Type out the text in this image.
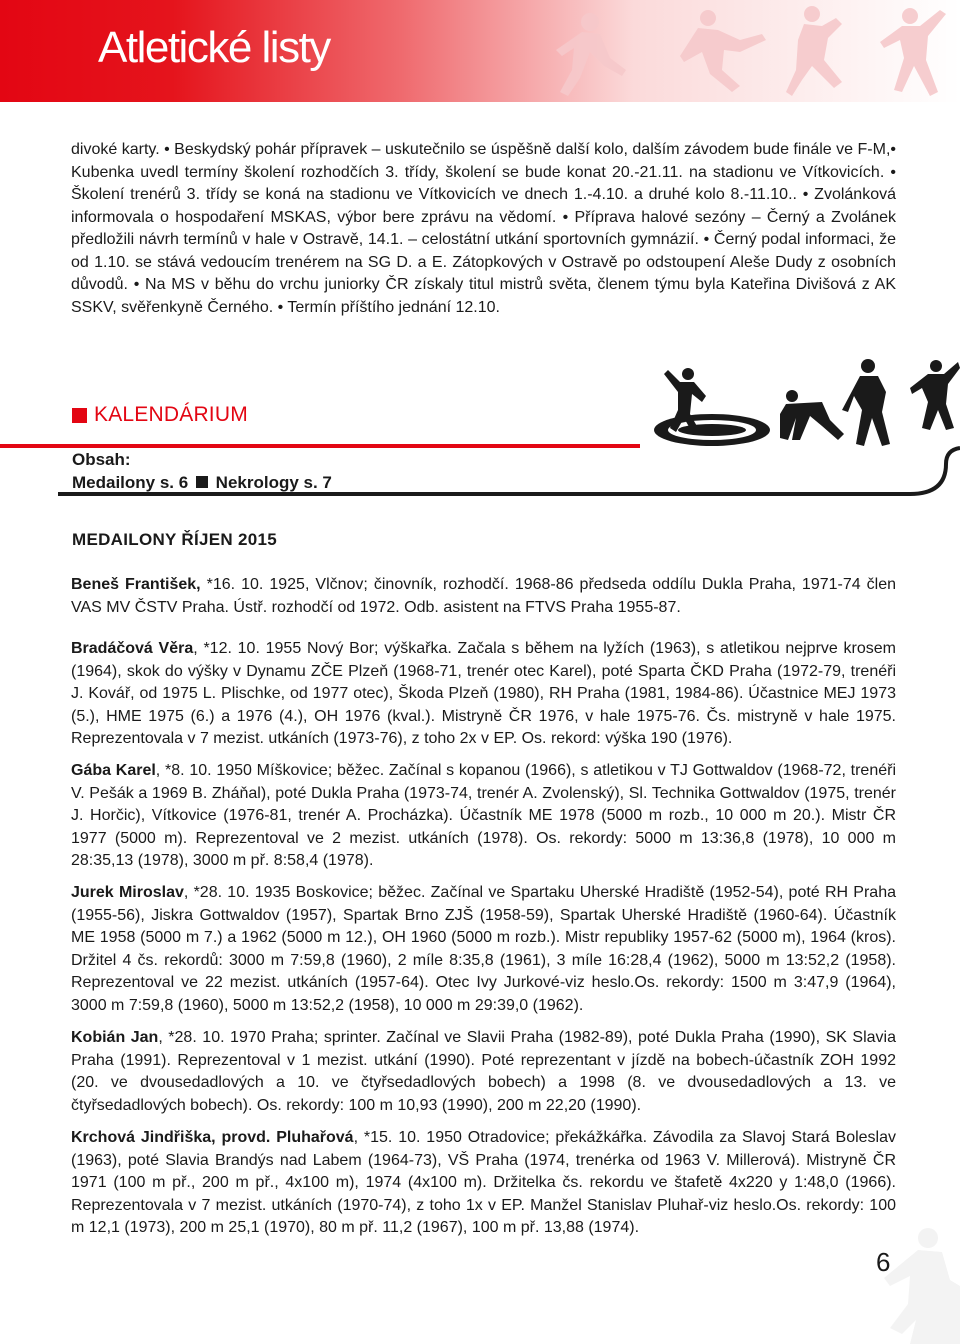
Atletické listy

divoké karty. • Beskydský pohár přípravek – uskutečnilo se úspěšně další kolo, dalším závodem bude finále ve F-M,• Kubenka uvedl termíny školení rozhodčích 3. třídy, školení se bude konat 20.-21.11. na stadionu ve Vítkovicích. • Školení trenérů 3. třídy se koná na stadionu ve Vítkovicích ve dnech 1.-4.10. a druhé kolo 8.-11.10.. • Zvolánková informovala o hospodaření MSKAS, výbor bere zprávu na vědomí. • Příprava halové sezóny – Černý a Zvolánek předložili návrh termínů v hale v Ostravě, 14.1. – celostátní utkání sportovních gymnázií. • Černý podal informaci, že od 1.10. se stává vedoucím trenérem na SG D. a E. Zátopkových v Ostravě po odstoupení Aleše Dudy z osobních důvodů. • Na MS v běhu do vrchu juniorky ČR získaly titul mistrů světa, členem týmu byla Kateřina Divišová z AK SSKV, svěřenkyně Černého. • Termín příštího jednání 12.10.

KALENDÁRIUM
Obsah:
Medailony s. 6 Nekrology s. 7
MEDAILONY ŘÍJEN 2015

Beneš František, *16. 10. 1925, Vlčnov; činovník, rozhodčí. 1968-86 předseda oddílu Dukla Praha, 1971-74 člen VAS MV ČSTV Praha. Ústř. rozhodčí od 1972. Odb. asistent na FTVS Praha 1955-87.

Bradáčová Věra, *12. 10. 1955 Nový Bor; výškařka. Začala s během na lyžích (1963), s atletikou nejprve krosem (1964), skok do výšky v Dynamu ZČE Plzeň (1968-71, trenér otec Karel), poté Sparta ČKD Praha (1972-79, trenéři J. Kovář, od 1975 L. Plischke, od 1977 otec), Škoda Plzeň (1980), RH Praha (1981, 1984-86). Účastnice MEJ 1973 (5.), HME 1975 (6.) a 1976 (4.), OH 1976 (kval.). Mistryně ČR 1976, v hale 1975-76. Čs. mistryně v hale 1975. Reprezentovala v 7 mezist. utkáních (1973-76), z toho 2x v EP. Os. rekord: výška 190 (1976).

Gába Karel, *8. 10. 1950 Míškovice; běžec. Začínal s kopanou (1966), s atletikou v TJ Gottwaldov (1968-72, trenéři V. Pešák a 1969 B. Zháňal), poté Dukla Praha (1973-74, trenér A. Zvolenský), Sl. Technika Gottwaldov (1975, trenér J. Horčic), Vítkovice (1976-81, trenér A. Procházka). Účastník ME 1978 (5000 m rozb., 10 000 m 20.). Mistr ČR 1977 (5000 m). Reprezentoval ve 2 mezist. utkáních (1978). Os. rekordy: 5000 m 13:36,8 (1978), 10 000 m 28:35,13 (1978), 3000 m př. 8:58,4 (1978).

Jurek Miroslav, *28. 10. 1935 Boskovice; běžec. Začínal ve Spartaku Uherské Hradiště (1952-54), poté RH Praha (1955-56), Jiskra Gottwaldov (1957), Spartak Brno ZJŠ (1958-59), Spartak Uherské Hradiště (1960-64). Účastník ME 1958 (5000 m 7.) a 1962 (5000 m 12.), OH 1960 (5000 m rozb.). Mistr republiky 1957-62 (5000 m), 1964 (kros). Držitel 4 čs. rekordů: 3000 m 7:59,8 (1960), 2 míle 8:35,8 (1961), 3 míle 16:28,4 (1962), 5000 m 13:52,2 (1958). Reprezentoval ve 22 mezist. utkáních (1957-64). Otec Ivy Jurkové-viz heslo.Os. rekordy: 1500 m 3:47,9 (1964), 3000 m 7:59,8 (1960), 5000 m 13:52,2 (1958), 10 000 m 29:39,0 (1962).

Kobián Jan, *28. 10. 1970 Praha; sprinter. Začínal ve Slavii Praha (1982-89), poté Dukla Praha (1990), SK Slavia Praha (1991). Reprezentoval v 1 mezist. utkání (1990). Poté reprezentant v jízdě na bobech-účastník ZOH 1992 (20. ve dvousedadlových a 10. ve čtyřsedadlových bobech) a 1998 (8. ve dvousedadlových a 13. ve čtyřsedadlových bobech). Os. rekordy: 100 m 10,93 (1990), 200 m 22,20 (1990).

Krchová Jindřiška, provd. Pluhařová, *15. 10. 1950 Otradovice; překážkářka. Závodila za Slavoj Stará Boleslav (1963), poté Slavia Brandýs nad Labem (1964-73), VŠ Praha (1974, trenérka od 1963 V. Millerová). Mistryně ČR 1971 (100 m př., 200 m př., 4x100 m), 1974 (4x100 m). Držitelka čs. rekordu ve štafetě 4x220 y 1:48,0 (1966). Reprezentovala v 7 mezist. utkáních (1970-74), z toho 1x v EP. Manžel Stanislav Pluhař-viz heslo.Os. rekordy: 100 m 12,1 (1973), 200 m 25,1 (1970), 80 m př. 11,2 (1967), 100 m př. 13,88 (1974).

6
